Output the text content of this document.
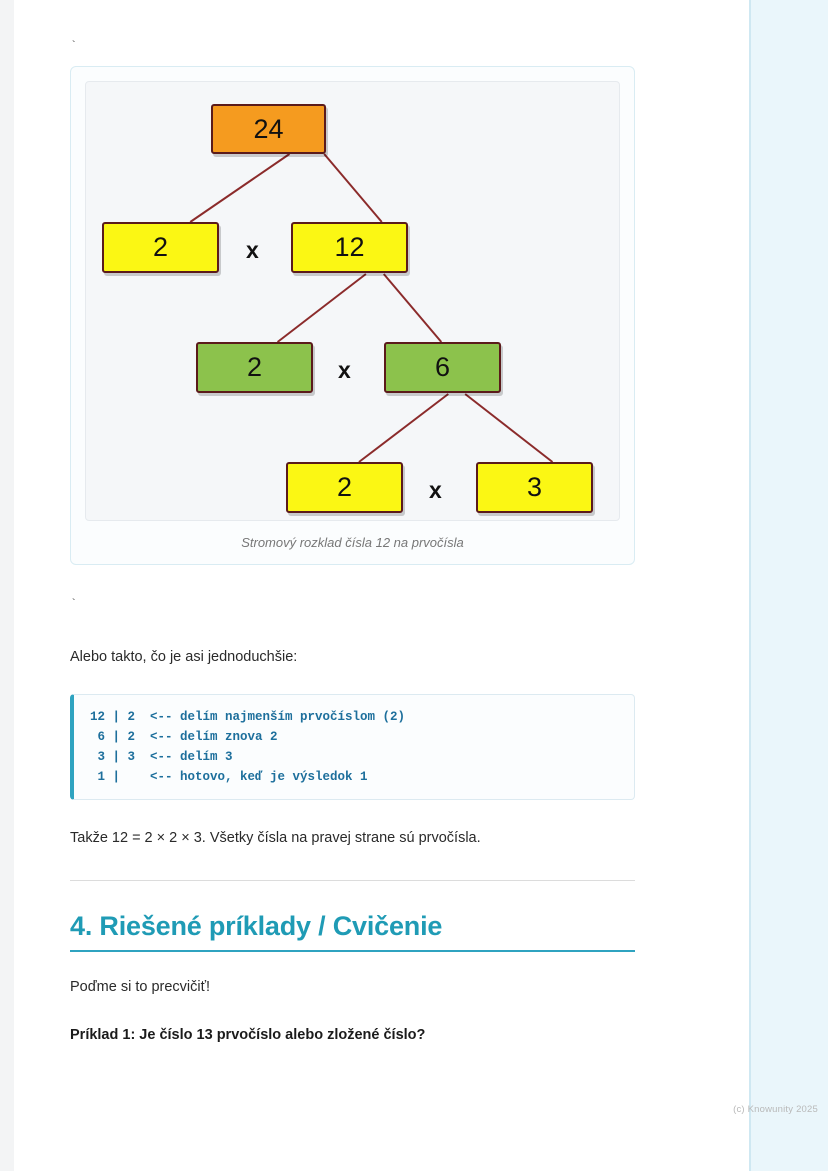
`
24
2	x	12
2	x	6
2	x	3
Stromový rozklad čísla 12 na prvočísla
`

Alebo takto, čo je asi jednoduchšie:

12 | 2  <-- delím najmenším prvočíslom (2)
6 | 2  <-- delím znova 2
3 | 3  <-- delím 3
1 |    <-- hotovo, keď je výsledok 1

Takže 12 = 2 × 2 × 3. Všetky čísla na pravej strane sú prvočísla.

4. Riešené príklady / Cvičenie

Poďme si to precvičiť!

Príklad 1: Je číslo 13 prvočíslo alebo zložené číslo?

(c) Knowunity 2025
